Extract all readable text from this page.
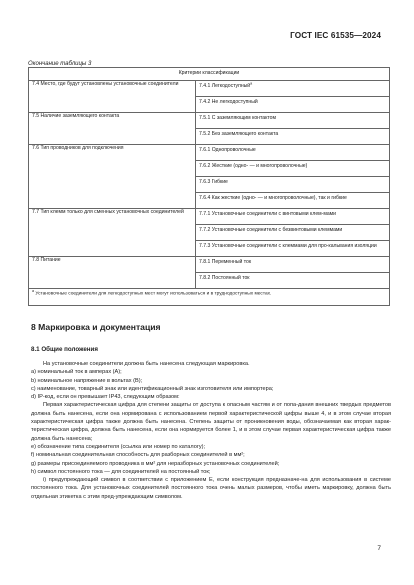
ГОСТ IEC 61535—2024
Окончание таблицы 3
Критерии классификации	
7.4 Место, где будут установлены установочные соединители	7.4.1 Легкодоступный$^a$
	7.4.2 Не легкодоступный
7.5 Наличие заземляющего контакта	7.5.1 С заземляющим контактом
	7.5.2 Без заземляющего контакта
7.6 Тип проводников для подключения	7.6.1 Однопроволочные
	7.6.2 Жесткие (одно- — и многопроволочные)
	7.6.3 Гибкие
	7.6.4 Как жесткие (одно- — и многопроволочные), так и гибкие
7.7 Тип клемм только для сменных установочных соединителей	7.7.1 Установочные соединители с винтовыми клем-мами
	7.7.2 Установочные соединители с безвинтовыми клеммами
	7.7.3 Установочные соединители с клеммами для про-кальвания изоляции
7.8 Питание	7.8.1 Переменный ток
	7.8.2 Постоянный ток
$^a$ Установочные соединители для легкодоступных мест могут использоваться и в труднодоступных местах.	
8 Маркировка и документация
8.1 Общие положения

На установочные соединители должна быть нанесена следующая маркировка.

а) номинальный ток в амперах (А);

b) номинальное напряжение в вольтах (В);

c) наименование, товарный знак или идентификационный знак изготовителя или импортера;

d) IP-код, если он превышает IP43, следующим образом:

Первая характеристическая цифра для степени защиты от доступа к опасным частям и от попа-дания внешних твердых предметов должна быть нанесена, если она нормирована с использованием первой характеристической цифры выше 4, и в этом случае вторая характеристическая цифра также должна быть нанесена. Степень защиты от проникновения воды, обозначаемая как вторая харак-теристическая цифра, должна быть нанесена, если она нормируется более 1, и в этом случае первая характеристическая цифра также должна быть нанесена;

е) обозначение типа соединителя (ссылка или номер по каталогу);

f) номинальная соединительная способность для разборных соединителей в мм²;

g) размеры присоединяемого проводника в мм² для неразборных установочных соединителей;

h) символ постоянного тока — для соединителей на постоянный ток;

i) предупреждающий символ в соответствии с приложением Е, если конструкция предназначе-на для использования в системе постоянного тока. Для установочных соединителей постоянного тока очень малых размеров, чтобы иметь маркировку, должна быть отдельная этикетка с этим пред-упреждающим символом.

7
